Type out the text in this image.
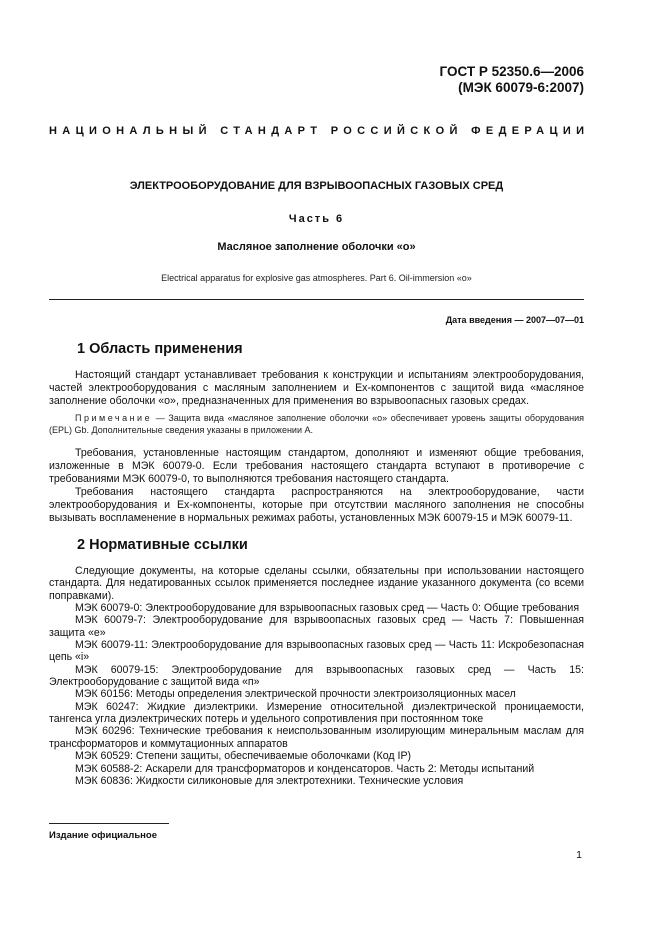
ГОСТ Р 52350.6—2006
(МЭК 60079-6:2007)
НАЦИОНАЛЬНЫЙ СТАНДАРТ РОССИЙСКОЙ ФЕДЕРАЦИИ
ЭЛЕКТРООБОРУДОВАНИЕ ДЛЯ ВЗРЫВООПАСНЫХ ГАЗОВЫХ СРЕД
Часть 6
Масляное заполнение оболочки «о»
Electrical apparatus for explosive gas atmospheres. Part 6. Oil-immersion «o»
Дата введения — 2007—07—01
1 Область применения
Настоящий стандарт устанавливает требования к конструкции и испытаниям электрооборудования, частей электрооборудования с масляным заполнением и Ex-компонентов с защитой вида «масляное заполнение оболочки «о», предназначенных для применения во взрывоопасных газовых средах.
Примечание — Защита вида «масляное заполнение оболочки «о» обеспечивает уровень защиты оборудования (EPL) Gb. Дополнительные сведения указаны в приложении А.
Требования, установленные настоящим стандартом, дополняют и изменяют общие требования, изложенные в МЭК 60079-0. Если требования настоящего стандарта вступают в противоречие с требованиями МЭК 60079-0, то выполняются требования настоящего стандарта.
Требования настоящего стандарта распространяются на электрооборудование, части электрооборудования и Ex-компоненты, которые при отсутствии масляного заполнения не способны вызывать воспламенение в нормальных режимах работы, установленных МЭК 60079-15 и МЭК 60079-11.
2 Нормативные ссылки

Следующие документы, на которые сделаны ссылки, обязательны при использовании настоящего стандарта. Для недатированных ссылок применяется последнее издание указанного документа (со всеми поправками).

МЭК 60079-0: Электрооборудование для взрывоопасных газовых сред — Часть 0: Общие требования

МЭК 60079-7: Электрооборудование для взрывоопасных газовых сред — Часть 7: Повышенная защита «е»

МЭК 60079-11: Электрооборудование для взрывоопасных газовых сред — Часть 11: Искробезопасная цепь «i»

МЭК 60079-15: Электрооборудование для взрывоопасных газовых сред — Часть 15: Электрооборудование с защитой вида «п»

МЭК 60156: Методы определения электрической прочности электроизоляционных масел

МЭК 60247: Жидкие диэлектрики. Измерение относительной диэлектрической проницаемости, тангенса угла диэлектрических потерь и удельного сопротивления при постоянном токе

МЭК 60296: Технические требования к неиспользованным изолирующим минеральным маслам для трансформаторов и коммутационных аппаратов

МЭК 60529: Степени защиты, обеспечиваемые оболочками (Код IP)

МЭК 60588-2: Аскарели для трансформаторов и конденсаторов. Часть 2: Методы испытаний

МЭК 60836: Жидкости силиконовые для электротехники. Технические условия

Издание официальное
1
